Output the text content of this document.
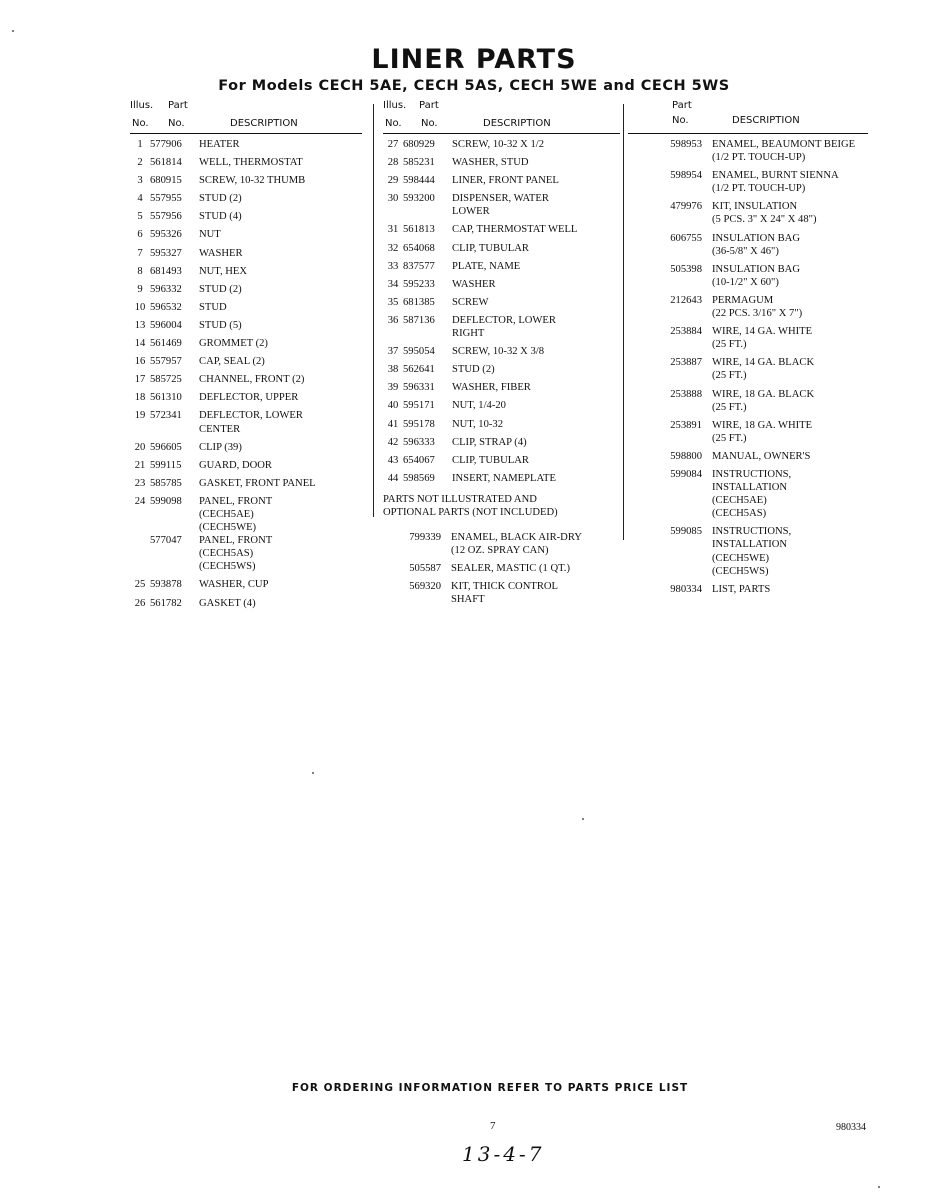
LINER PARTS
For Models CECH 5AE, CECH 5AS, CECH 5WE and CECH 5WS
Illus. Part
No. No.	DESCRIPTION
1 577906	HEATER
2 561814	WELL, THERMOSTAT
3 680915	SCREW, 10-32 THUMB
4 557955	STUD (2)
5 557956	STUD (4)
6 595326	NUT
7 595327	WASHER
8 681493	NUT, HEX
9 596332	STUD (2)
10 596532	STUD
13 596004	STUD (5)
14 561469	GROMMET (2)
16 557957	CAP, SEAL (2)
17 585725	CHANNEL, FRONT (2)
18 561310	DEFLECTOR, UPPER
19 572341	DEFLECTOR, LOWER
CENTER
20 596605	CLIP (39)
21 599115	GUARD, DOOR
23 585785	GASKET, FRONT PANEL
24 599098	PANEL, FRONT
(CECH5AE)
(CECH5WE)
577047	PANEL, FRONT
(CECH5AS)
(CECH5WS)
25 593878	WASHER, CUP
26 561782	GASKET (4)
Illus. Part
No. No.	DESCRIPTION
27 680929	SCREW, 10-32 X 1/2
28 585231	WASHER, STUD
29 598444	LINER, FRONT PANEL
30 593200	DISPENSER, WATER
LOWER
31 561813	CAP, THERMOSTAT WELL
32 654068	CLIP, TUBULAR
33 837577	PLATE, NAME
34 595233	WASHER
35 681385	SCREW
36 587136	DEFLECTOR, LOWER
RIGHT
37 595054	SCREW, 10-32 X 3/8
38 562641	STUD (2)
39 596331	WASHER, FIBER
40 595171	NUT, 1/4-20
41 595178	NUT, 10-32
42 596333	CLIP, STRAP (4)
43 654067	CLIP, TUBULAR
44 598569	INSERT, NAMEPLATE
PARTS NOT ILLUSTRATED AND
OPTIONAL PARTS (NOT INCLUDED)
799339 ENAMEL, BLACK AIR-DRY
(12 OZ. SPRAY CAN)
505587 SEALER, MASTIC (1 QT.)
569320 KIT, THICK CONTROL
SHAFT
Part
No.	DESCRIPTION
598953 ENAMEL, BEAUMONT BEIGE
(1/2 PT. TOUCH-UP)
598954 ENAMEL, BURNT SIENNA
(1/2 PT. TOUCH-UP)
479976 KIT, INSULATION
(5 PCS. 3" X 24" X 48")
606755 INSULATION BAG
(36-5/8" X 46")
505398 INSULATION BAG
(10-1/2" X 60")
212643 PERMAGUM
(22 PCS. 3/16" X 7")
253884 WIRE, 14 GA. WHITE
(25 FT.)
253887 WIRE, 14 GA. BLACK
(25 FT.)
253888 WIRE, 18 GA. BLACK
(25 FT.)
253891 WIRE, 18 GA. WHITE
(25 FT.)
598800 MANUAL, OWNER'S
599084 INSTRUCTIONS,
INSTALLATION
(CECH5AE)
(CECH5AS)
599085 INSTRUCTIONS,
INSTALLATION
(CECH5WE)
(CECH5WS)
980334 LIST, PARTS

FOR ORDERING INFORMATION REFER TO PARTS PRICE LIST

7	980334
13-4-7
